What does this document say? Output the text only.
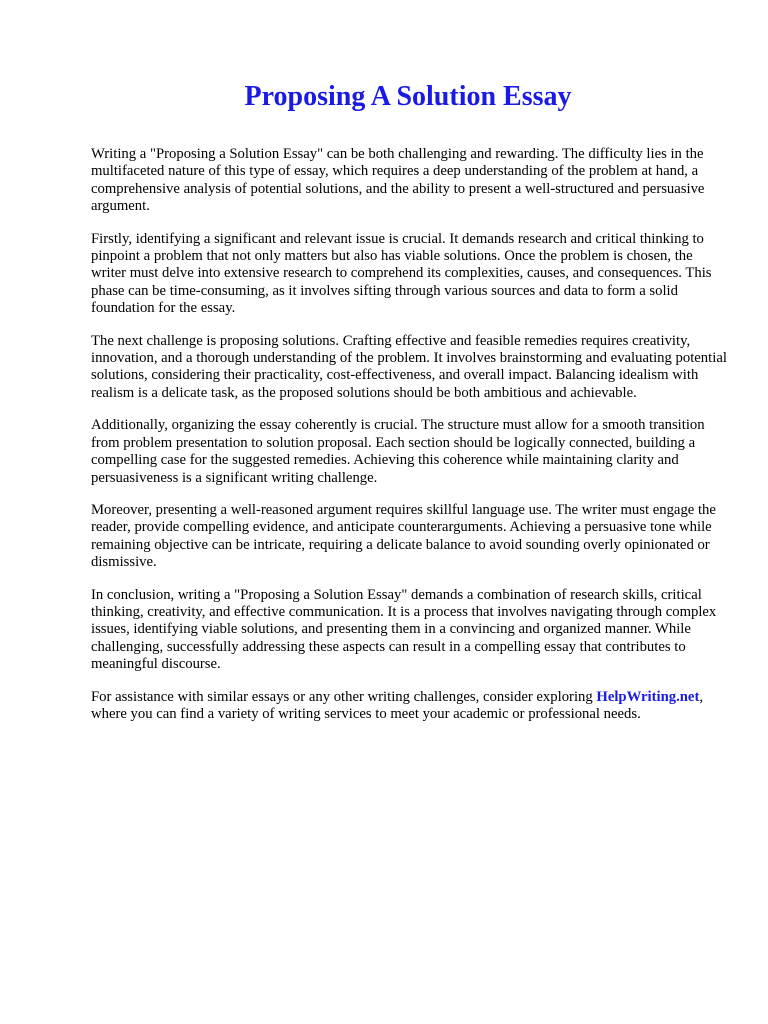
Proposing A Solution Essay

Writing a "Proposing a Solution Essay" can be both challenging and rewarding. The difficulty lies in the multifaceted nature of this type of essay, which requires a deep understanding of the problem at hand, a comprehensive analysis of potential solutions, and the ability to present a well-structured and persuasive argument.

Firstly, identifying a significant and relevant issue is crucial. It demands research and critical thinking to pinpoint a problem that not only matters but also has viable solutions. Once the problem is chosen, the writer must delve into extensive research to comprehend its complexities, causes, and consequences. This phase can be time-consuming, as it involves sifting through various sources and data to form a solid foundation for the essay.

The next challenge is proposing solutions. Crafting effective and feasible remedies requires creativity, innovation, and a thorough understanding of the problem. It involves brainstorming and evaluating potential solutions, considering their practicality, cost-effectiveness, and overall impact. Balancing idealism with realism is a delicate task, as the proposed solutions should be both ambitious and achievable.

Additionally, organizing the essay coherently is crucial. The structure must allow for a smooth transition from problem presentation to solution proposal. Each section should be logically connected, building a compelling case for the suggested remedies. Achieving this coherence while maintaining clarity and persuasiveness is a significant writing challenge.

Moreover, presenting a well-reasoned argument requires skillful language use. The writer must engage the reader, provide compelling evidence, and anticipate counterarguments. Achieving a persuasive tone while remaining objective can be intricate, requiring a delicate balance to avoid sounding overly opinionated or dismissive.

In conclusion, writing a "Proposing a Solution Essay" demands a combination of research skills, critical thinking, creativity, and effective communication. It is a process that involves navigating through complex issues, identifying viable solutions, and presenting them in a convincing and organized manner. While challenging, successfully addressing these aspects can result in a compelling essay that contributes to meaningful discourse.

For assistance with similar essays or any other writing challenges, consider exploring HelpWriting.net, where you can find a variety of writing services to meet your academic or professional needs.
